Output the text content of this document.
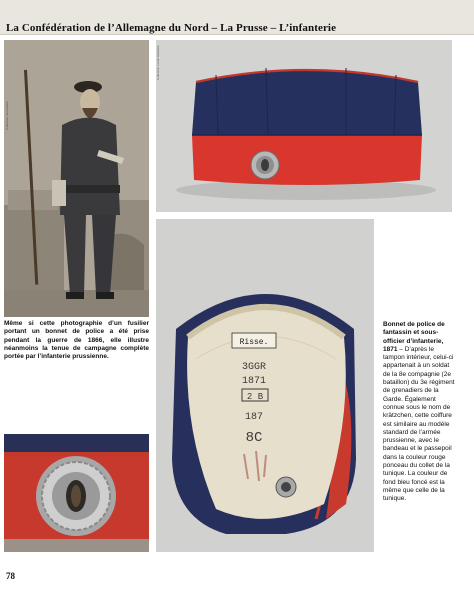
La Confédération de l’Allemagne du Nord – La Prusse – L’infanterie
Collection particulière
Collection Lionel Delepine
Risse.
3GGR
1871
2 B
187
8C
Même si cette photographie d’un fusilier portant un bonnet de police a été prise pendant la guerre de 1866, elle illustre néanmoins la tenue de campagne complète portée par l’infanterie prussienne.
Bonnet de police de fantassin et sous-officier d’infanterie, 1871 – D’après le tampon intérieur, celui-ci appartenait à un soldat de la 8e compagnie (2e bataillon) du 3e régiment de grenadiers de la Garde. Également connue sous le nom de krätzchen, cette coiffure est similaire au modèle standard de l’armée prussienne, avec le bandeau et le passepoil dans la couleur rouge ponceau du collet de la tunique. La couleur de fond bleu foncé est la même que celle de la tunique.
78
